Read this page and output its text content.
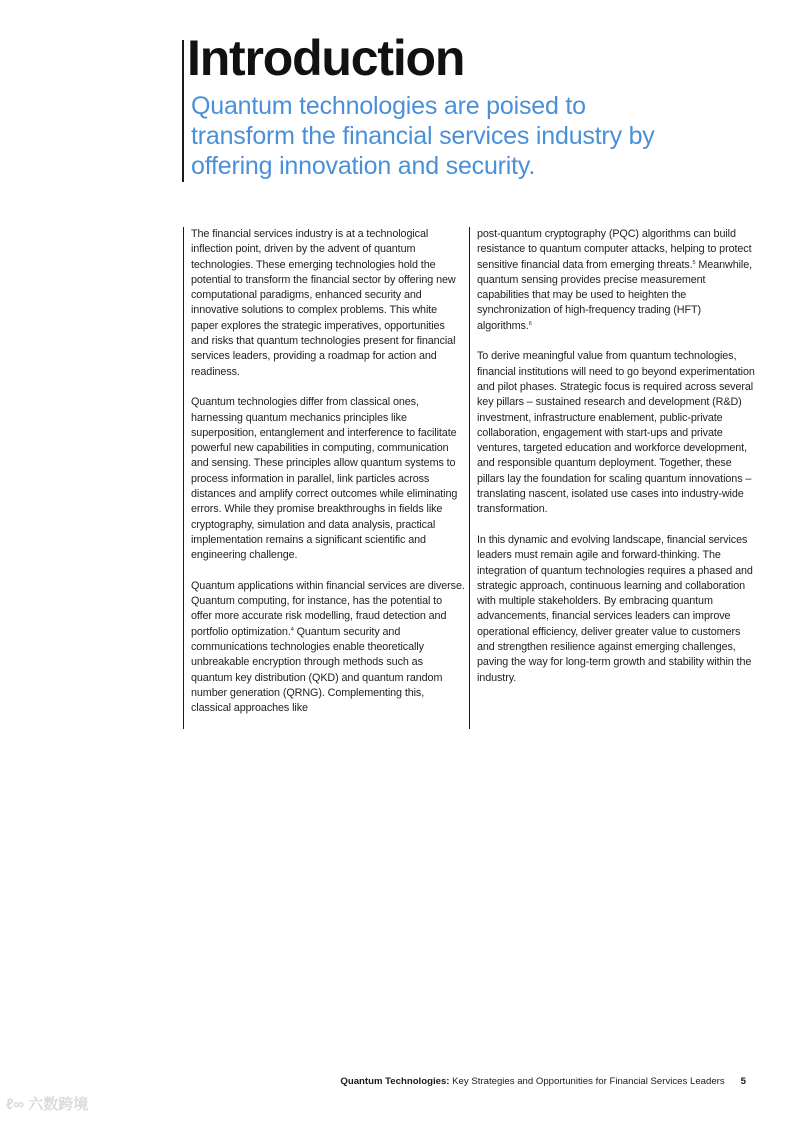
Introduction
Quantum technologies are poised to transform the financial services industry by offering innovation and security.

The financial services industry is at a technological inflection point, driven by the advent of quantum technologies. These emerging technologies hold the potential to transform the financial sector by offering new computational paradigms, enhanced security and innovative solutions to complex problems. This white paper explores the strategic imperatives, opportunities and risks that quantum technologies present for financial services leaders, providing a roadmap for action and readiness.

Quantum technologies differ from classical ones, harnessing quantum mechanics principles like superposition, entanglement and interference to facilitate powerful new capabilities in computing, communication and sensing. These principles allow quantum systems to process information in parallel, link particles across distances and amplify correct outcomes while eliminating errors. While they promise breakthroughs in fields like cryptography, simulation and data analysis, practical implementation remains a significant scientific and engineering challenge.

Quantum applications within financial services are diverse. Quantum computing, for instance, has the potential to offer more accurate risk modelling, fraud detection and portfolio optimization.$^4$ Quantum security and communications technologies enable theoretically unbreakable encryption through methods such as quantum key distribution (QKD) and quantum random number generation (QRNG). Complementing this, classical approaches like

post-quantum cryptography (PQC) algorithms can build resistance to quantum computer attacks, helping to protect sensitive financial data from emerging threats.$^5$ Meanwhile, quantum sensing provides precise measurement capabilities that may be used to heighten the synchronization of high-frequency trading (HFT) algorithms.$^6$

To derive meaningful value from quantum technologies, financial institutions will need to go beyond experimentation and pilot phases. Strategic focus is required across several key pillars – sustained research and development (R&D) investment, infrastructure enablement, public-private collaboration, engagement with start-ups and private ventures, targeted education and workforce development, and responsible quantum deployment. Together, these pillars lay the foundation for scaling quantum innovations – translating nascent, isolated use cases into industry-wide transformation.

In this dynamic and evolving landscape, financial services leaders must remain agile and forward-thinking. The integration of quantum technologies requires a phased and strategic approach, continuous learning and collaboration with multiple stakeholders. By embracing quantum advancements, financial services leaders can improve operational efficiency, deliver greater value to customers and strengthen resilience against emerging challenges, paving the way for long-term growth and stability within the industry.

Quantum Technologies: Key Strategies and Opportunities for Financial Services Leaders 5
ℓ∞ 六数跨境
